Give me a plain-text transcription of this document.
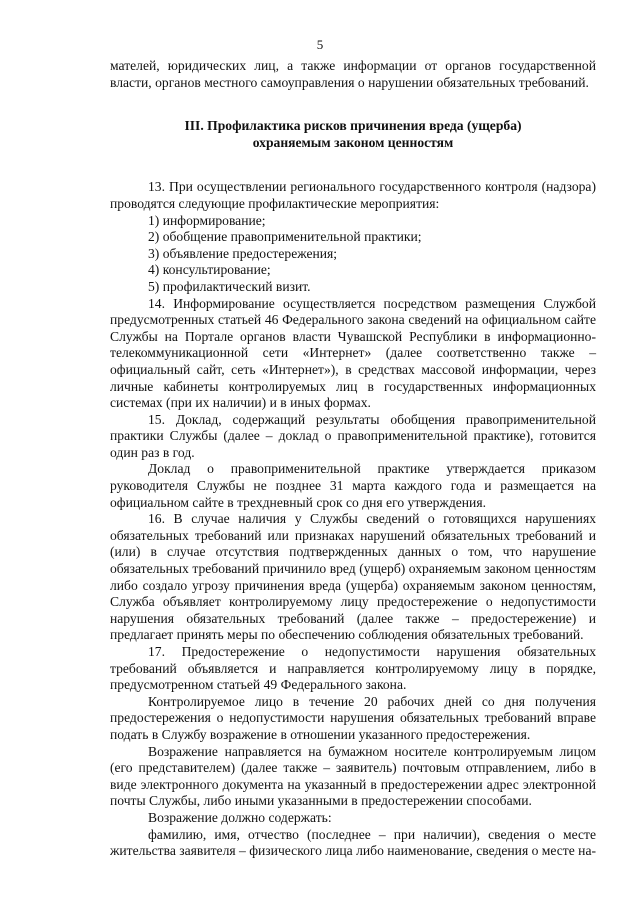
5

мателей, юридических лиц, а также информации от органов государственной власти, органов местного самоуправления о нарушении обязательных требований.

III. Профилактика рисков причинения вреда (ущерба)
охраняемым законом ценностям

13. При осуществлении регионального государственного контроля (надзора) проводятся следующие профилактические мероприятия:

1) информирование;

2) обобщение правоприменительной практики;

3) объявление предостережения;

4) консультирование;

5) профилактический визит.

14. Информирование осуществляется посредством размещения Службой предусмотренных статьей 46 Федерального закона сведений на официальном сайте Службы на Портале органов власти Чувашской Республики в информационно-телекоммуникационной сети «Интернет» (далее соответственно также – официальный сайт, сеть «Интернет»), в средствах массовой информации, через личные кабинеты контролируемых лиц в государственных информационных системах (при их наличии) и в иных формах.

15. Доклад, содержащий результаты обобщения правоприменительной практики Службы (далее – доклад о правоприменительной практике), готовится один раз в год.

Доклад о правоприменительной практике утверждается приказом руководителя Службы не позднее 31 марта каждого года и размещается на официальном сайте в трехдневный срок со дня его утверждения.

16. В случае наличия у Службы сведений о готовящихся нарушениях обязательных требований или признаках нарушений обязательных требований и (или) в случае отсутствия подтвержденных данных о том, что нарушение обязательных требований причинило вред (ущерб) охраняемым законом ценностям либо создало угрозу причинения вреда (ущерба) охраняемым законом ценностям, Служба объявляет контролируемому лицу предостережение о недопустимости нарушения обязательных требований (далее также – предостережение) и предлагает принять меры по обеспечению соблюдения обязательных требований.

17. Предостережение о недопустимости нарушения обязательных требований объявляется и направляется контролируемому лицу в порядке, предусмотренном статьей 49 Федерального закона.

Контролируемое лицо в течение 20 рабочих дней со дня получения предостережения о недопустимости нарушения обязательных требований вправе подать в Службу возражение в отношении указанного предостережения.

Возражение направляется на бумажном носителе контролируемым лицом (его представителем) (далее также – заявитель) почтовым отправлением, либо в виде электронного документа на указанный в предостережении адрес электронной почты Службы, либо иными указанными в предостережении способами.

Возражение должно содержать:

фамилию, имя, отчество (последнее – при наличии), сведения о месте жительства заявителя – физического лица либо наименование, сведения о месте на-
